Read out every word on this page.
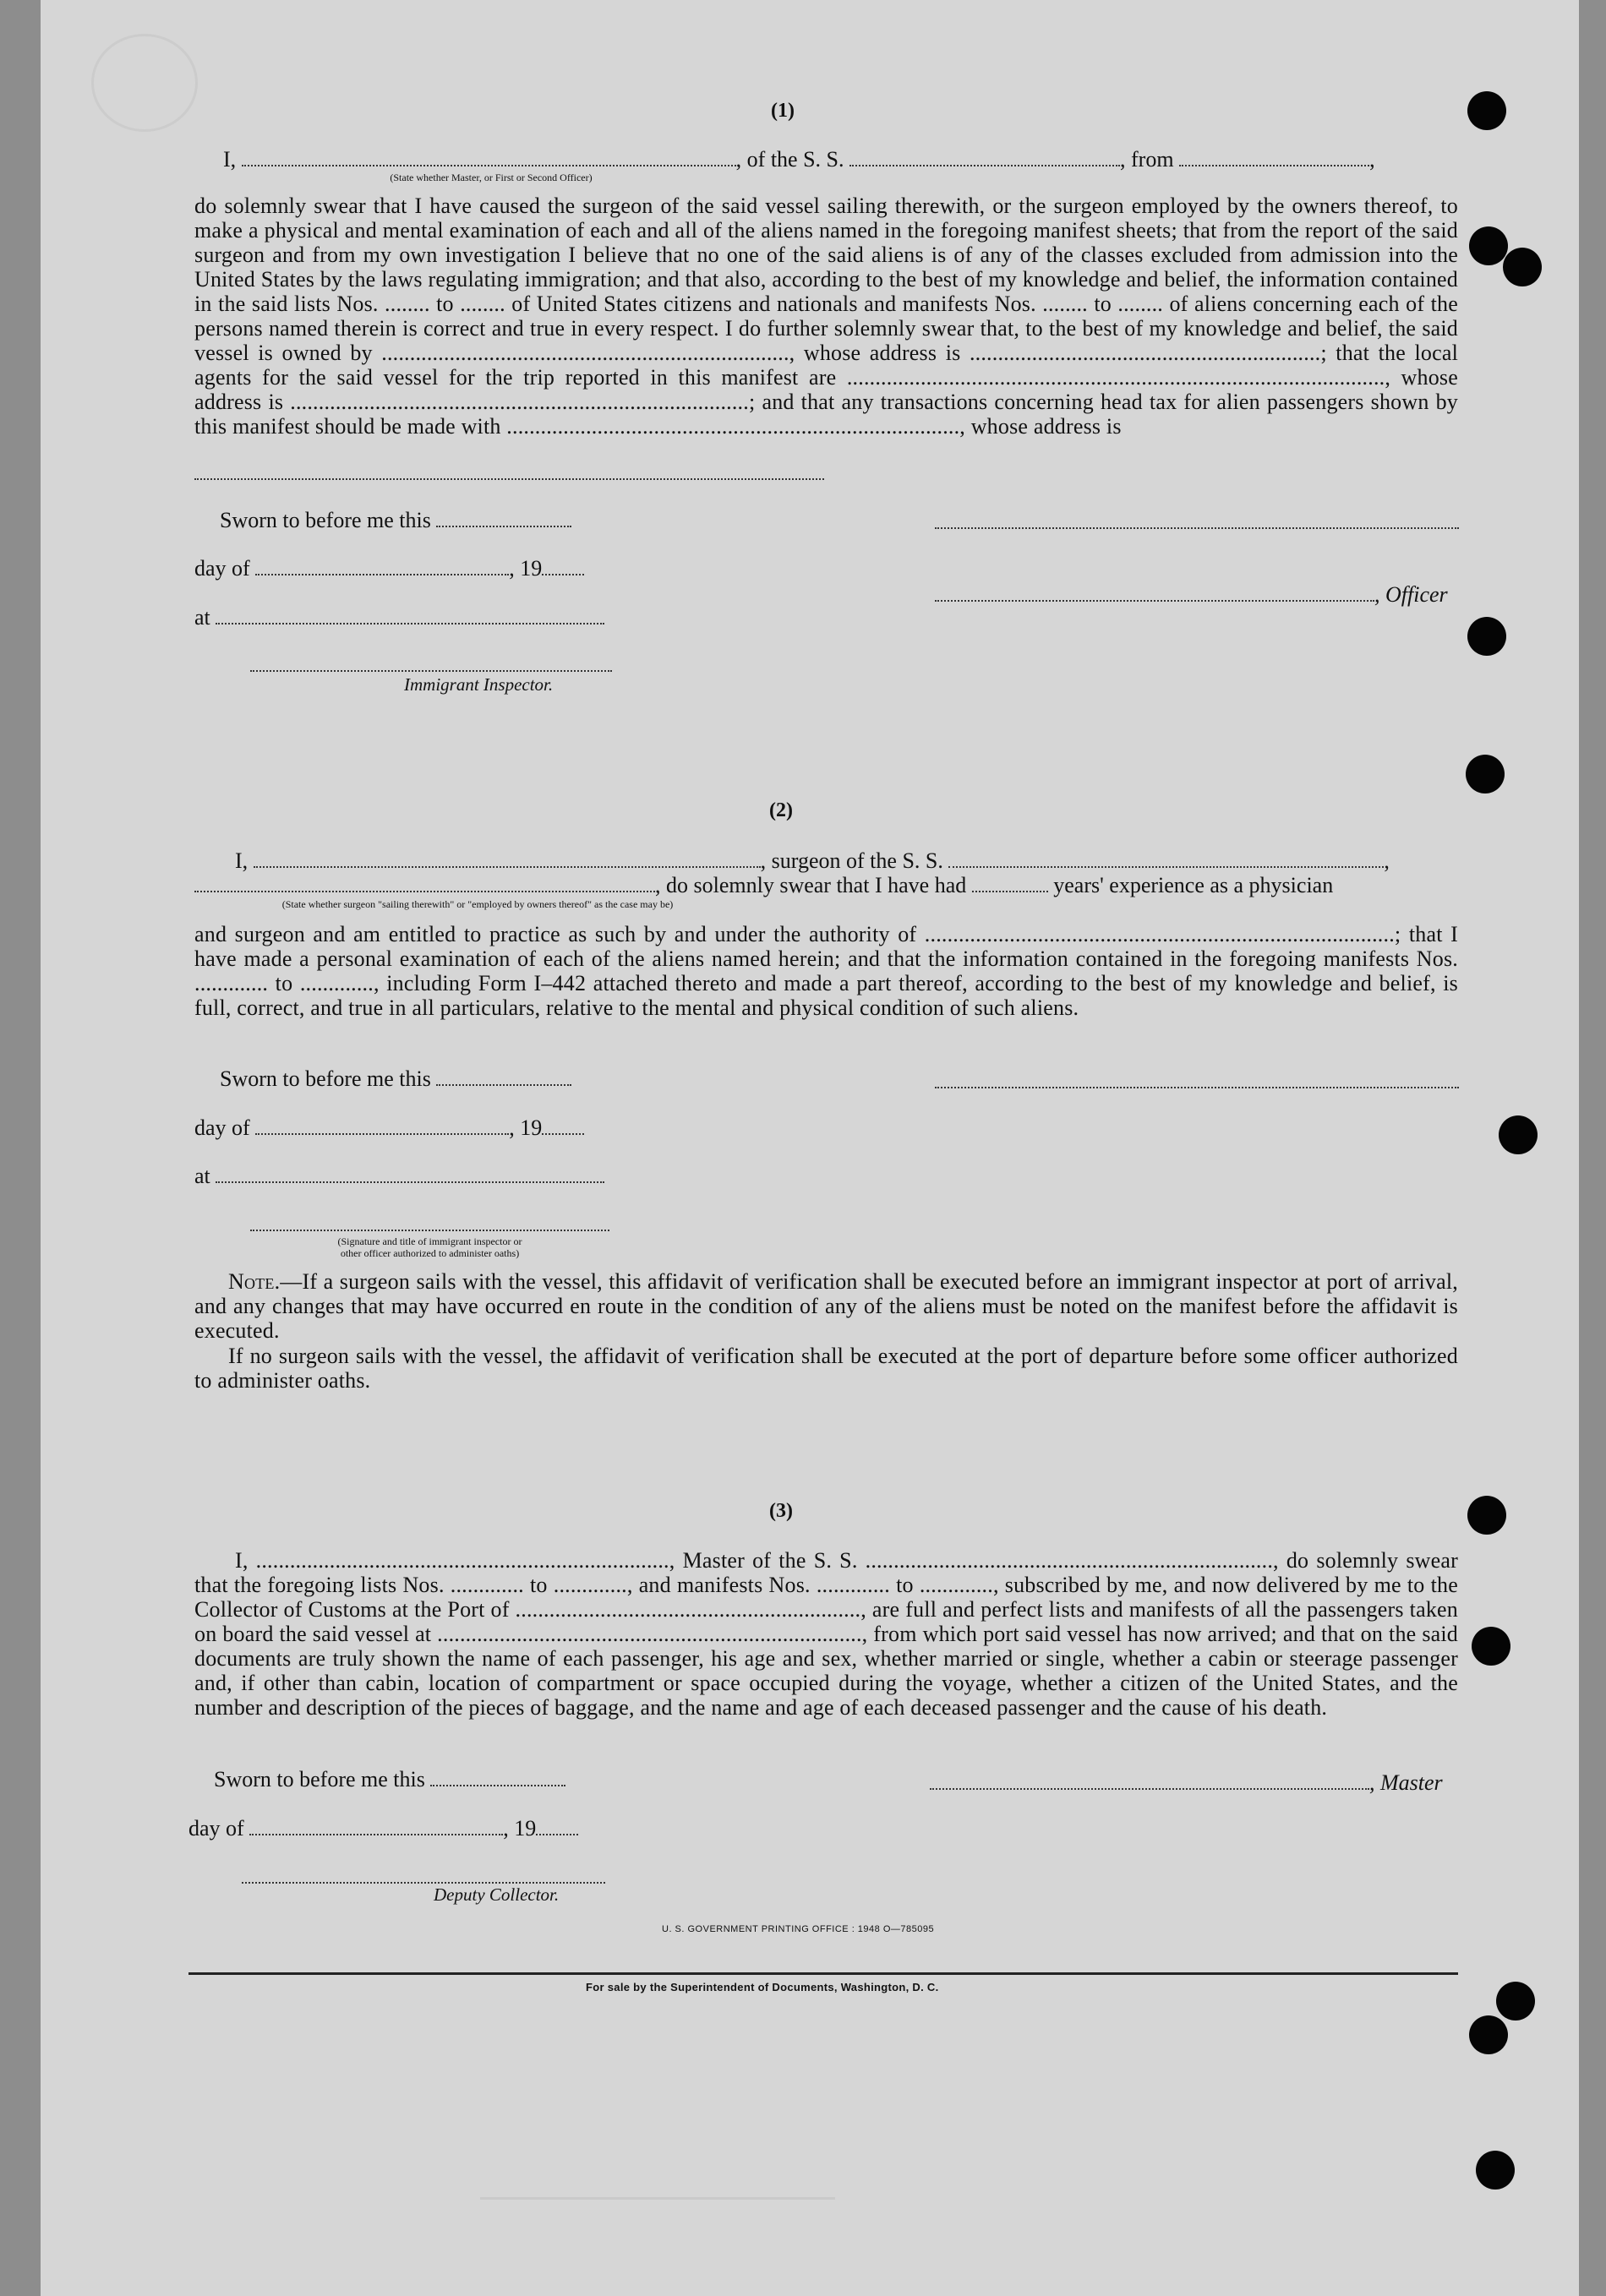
(1)
I,	, of the S. S.	, from	,
(State whether Master, or First or Second Officer)
do solemnly swear that I have caused the surgeon of the said vessel sailing therewith, or the surgeon employed by the owners thereof, to make a physical and mental examination of each and all of the aliens named in the foregoing manifest sheets; that from the report of the said surgeon and from my own investigation I believe that no one of the said aliens is of any of the classes excluded from admission into the United States by the laws regulating immigration; and that also, according to the best of my knowledge and belief, the information contained in the said lists Nos. ........ to ........ of United States citizens and nationals and manifests Nos. ........ to ........ of aliens concerning each of the persons named therein is correct and true in every respect. I do further solemnly swear that, to the best of my knowledge and belief, the said vessel is owned by ........................................................................, whose address is ..............................................................; that the local agents for the said vessel for the trip reported in this manifest are ..............................................................................................., whose address is .................................................................................; and that any transactions concerning head tax for alien passengers shown by this manifest should be made with ................................................................................, whose address is
Sworn to before me this
day of	, 19
, Officer
at
Immigrant Inspector.
(2)
I,	, surgeon of the S. S.	,
, do solemnly swear that I have had	years' experience as a physician
(State whether surgeon "sailing therewith" or "employed by owners thereof" as the case may be)
and surgeon and am entitled to practice as such by and under the authority of ...................................................................................; that I have made a personal examination of each of the aliens named herein; and that the information contained in the foregoing manifests Nos. ............. to ............., including Form I–442 attached thereto and made a part thereof, according to the best of my knowledge and belief, is full, correct, and true in all particulars, relative to the mental and physical condition of such aliens.
Sworn to before me this
day of	, 19
at
(Signature and title of immigrant inspector or
other officer authorized to administer oaths)
Note.—If a surgeon sails with the vessel, this affidavit of verification shall be executed before an immigrant inspector at port of arrival, and any changes that may have occurred en route in the condition of any of the aliens must be noted on the manifest before the affidavit is executed.
If no surgeon sails with the vessel, the affidavit of verification shall be executed at the port of departure before some officer authorized to administer oaths.
(3)
I, ........................................................................., Master of the S. S. ........................................................................, do solemnly swear that the foregoing lists Nos. ............. to ............., and manifests Nos. ............. to ............., subscribed by me, and now delivered by me to the Collector of Customs at the Port of ............................................................., are full and perfect lists and manifests of all the passengers taken on board the said vessel at ..........................................................................., from which port said vessel has now arrived; and that on the said documents are truly shown the name of each passenger, his age and sex, whether married or single, whether a cabin or steerage passenger and, if other than cabin, location of compartment or space occupied during the voyage, whether a citizen of the United States, and the number and description of the pieces of baggage, and the name and age of each deceased passenger and the cause of his death.
Sworn to before me this	, Master
day of	, 19
Deputy Collector.
U. S. GOVERNMENT PRINTING OFFICE : 1948 O—785095
For sale by the Superintendent of Documents, Washington, D. C.
